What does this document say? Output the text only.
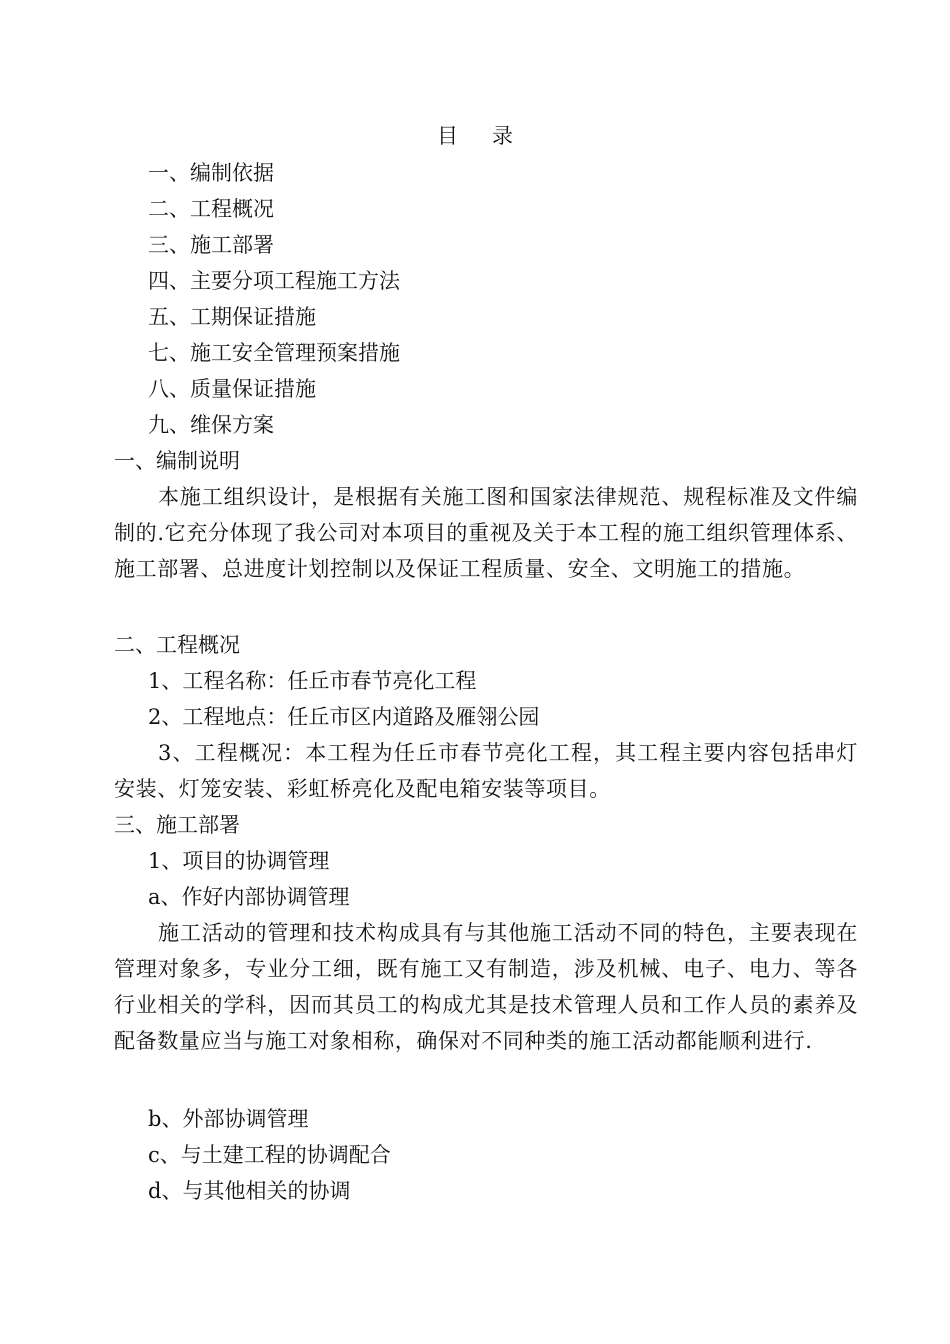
目 录
一、编制依据
二、工程概况
三、施工部署
四、主要分项工程施工方法
五、工期保证措施
七、施工安全管理预案措施
八、质量保证措施
九、维保方案
一、编制说明
本施工组织设计，是根据有关施工图和国家法律规范、规程标准及文件编制的.它充分体现了我公司对本项目的重视及关于本工程的施工组织管理体系、施工部署、总进度计划控制以及保证工程质量、安全、文明施工的措施。
二、工程概况
1、工程名称：任丘市春节亮化工程
2、工程地点：任丘市区内道路及雁翎公园
3、工程概况：本工程为任丘市春节亮化工程，其工程主要内容包括串灯安装、灯笼安装、彩虹桥亮化及配电箱安装等项目。
三、施工部署
1、项目的协调管理
a、作好内部协调管理
施工活动的管理和技术构成具有与其他施工活动不同的特色，主要表现在管理对象多，专业分工细，既有施工又有制造，涉及机械、电子、电力、等各行业相关的学科，因而其员工的构成尤其是技术管理人员和工作人员的素养及配备数量应当与施工对象相称，确保对不同种类的施工活动都能顺利进行.
b、外部协调管理
c、与土建工程的协调配合
d、与其他相关的协调
